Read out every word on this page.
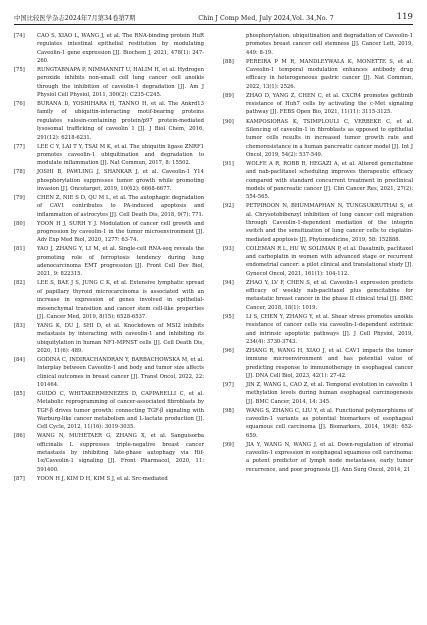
中国比较医学杂志 2024年7月第34卷第7期	Chin J Comp Med, July 2024,Vol. 34,No. 7	119
[74]	CAO S, XIAO L, WANG J, et al. The RNA-binding protein HuR regulates intestinal epithelial restitution by modulating Caveolin-1 gene expression [J]. Biochem J, 2021, 478(1): 247-260.
[75]	RUNGTABNAPA P, NIMMANNIT U, HALIM H, et al. Hydrogen peroxide inhibits non-small cell lung cancer cell anoikis through the inhibition of caveolin-1 degradation [J]. Am J Physiol Cell Physiol, 2011, 300(2): C235-C245.
[76]	BURANA D, YOSHIHARA H, TANNO H, et al. The Ankrd13 family of ubiquitin-interacting motif-bearing proteins regulates valosin-containing protein/p97 protein-mediated lysosomal trafficking of caveolin 1 [J]. J Biol Chem, 2016, 291(12): 6218-6231.
[77]	LEE C Y, LAI T Y, TSAI M K, et al. The ubiquitin ligase ZNRF1 promotes caveolin-1 ubiquitination and degradation to modulate inflammation [J]. Nat Commun, 2017, 8: 15502.
[78]	JOSHI B, PAWLING J, SHANKAR J, et al. Caveolin-1 Y14 phosphorylation suppresses tumor growth while promoting invasion [J]. Oncotarget, 2019, 10(62): 6668-6677.
[79]	CHEN Z, NIE S D, QU M L, et al. The autophagic degradation of CAV1 contributes to PA-induced apoptosis and inflammation of astrocytes [J]. Cell Death Dis, 2018, 9(7): 771.
[80]	YOON H J, SURH Y J. Modulation of cancer cell growth and progression by caveolin-1 in the tumor microenvironment [J]. Adv Exp Med Biol, 2020, 1277: 63-74.
[81]	YAO J, ZHANG Y, LI M, et al. Single-cell RNA-seq reveals the promoting role of ferroptosis tendency during lung adenocarcinoma EMT progression [J]. Front Cell Dev Biol, 2021, 9: 822315.
[82]	LEE S, BAE J S, JUNG C K, et al. Extensive lymphatic spread of papillary thyroid microcarcinoma is associated with an increase in expression of genes involved in epithelial-mesenchymal transition and cancer stem cell-like properties [J]. Cancer Med, 2019, 8(15): 6528-6537.
[83]	YANG K, DU J, SHI D, et al. Knockdown of MSI2 inhibits metastasis by interacting with caveolin-1 and inhibiting its ubiquitylation in human NF1-MPNST cells [J]. Cell Death Dis, 2020, 11(6): 489.
[84]	GODINA C, INDIRACHANDRAN Y, BARBACHOWSKA M, et al. Interplay between Caveolin-1 and body and tumor size affects clinical outcomes in breast cancer [J]. Transl Oncol, 2022, 22: 101464.
[85]	GUIDO C, WHITAKERMENEZES D, CAPPARELLI C, et al. Metabolic reprogramming of cancer-associated fibroblasts by TGF-β drives tumor growth: connecting TGF-β signaling with Warburg-like cancer metabolism and L-lactate production [J]. Cell Cycle, 2012, 11(16): 3019-3035.
[86]	WANG N, MUHETAER G, ZHANG X, et al. Sanguisorba officinalis L suppresses triple-negative breast cancer metastasis by inhibiting late-phase autophagy via Hif-1α/Caveolin-1 signaling [J]. Front Pharmacol, 2020, 11: 591400.
[87]	YOON H J, KIM D H, KIM S J, et al. Src-mediated
phosphorylation, ubiquitination and degradation of Caveolin-1 promotes breast cancer cell stemness [J]. Cancer Lett, 2019, 449: 8-19.
[88]	PEREIRA P M R, MANDLEYWALA K, MONETTE S, et al. Caveolin-1 temporal modulation enhances antibody drug efficacy in heterogeneous gastric cancer [J]. Nat Commun, 2022, 13(1): 2526.
[89]	ZHAO D, YANG Z, CHEN C, et al. CXCR4 promotes gefitinib resistance of Huh7 cells by activating the c-Met signaling pathway [J]. FEBS Open Bio, 2021, 11(11): 3115-3125.
[90]	KAMPOSIORAS K, TSIMPLOULI C, VERBEKE C, et al. Silencing of caveolin-1 in fibroblasts as opposed to epithelial tumor cells results in increased tumor growth rate and chemoresistance in a human pancreatic cancer model [J]. Int J Oncol, 2019, 54(2): 537-549.
[91]	WOLFE A R, ROBB R, HEGAZI A, et al. Altered gemcitabine and nab-paclitaxel scheduling improves therapeutic efficacy compared with standard concurrent treatment in preclinical models of pancreatic cancer [J]. Clin Cancer Res, 2021, 27(2): 554-565.
[92]	PETPIROON N, BHUMMAPHAN N, TUNGSUKRUTHAI S, et al. Chrysotobibenzyl inhibition of lung cancer cell migration through Caveolin-1-dependent mediation of the integrin switch and the sensitization of lung cancer cells to cisplatin-mediated apoptosis [J]. Phytomedicine, 2019, 58: 152888.
[93]	COLEMAN R L, HU W, SOLIMAN P, et al. Dasatinib, paclitaxel and carboplatin in women with advanced stage or recurrent endometrial cancer: a pilot clinical and translational study [J]. Gynecol Oncol, 2021, 161(1): 104-112.
[94]	ZHAO Y, LV F, CHEN S, et al. Caveolin-1 expression predicts efficacy of weekly nab-paclitaxel plus gemcitabine for metastatic breast cancer in the phase II clinical trial [J]. BMC Cancer, 2018, 18(1): 1019.
[95]	LI S, CHEN Y, ZHANG Y, et al. Shear stress promotes anoikis resistance of cancer cells via caveolin-1-dependent extrinsic and intrinsic apoptotic pathways [J]. J Cell Physiol, 2019, 234(4): 3730-3743.
[96]	ZHANG R, WANG H, XIAO J, et al. CAV1 impacts the tumor immune microenvironment and has potential value of predicting response to immunotherapy in esophageal cancer [J]. DNA Cell Biol, 2023, 42(1): 27-42.
[97]	JIN Z, WANG L, CAO Z, et al. Temporal evolution in caveolin 1 methylation levels during human esophageal carcinogenesis [J]. BMC Cancer, 2014, 14: 345.
[98]	WANG S, ZHANG C, LIU Y, et al. Functional polymorphisms of caveolin-1 variants as potential biomarkers of esophageal squamous cell carcinoma [J]. Biomarkers, 2014, 19(8): 652-659.
[99]	JIA Y, WANG N, WANG J, et al. Down-regulation of stromal caveolin-1 expression in esophageal squamous cell carcinoma: a potent predictor of lymph node metastases, early tumor recurrence, and poor prognosis [J]. Ann Surg Oncol, 2014, 21
